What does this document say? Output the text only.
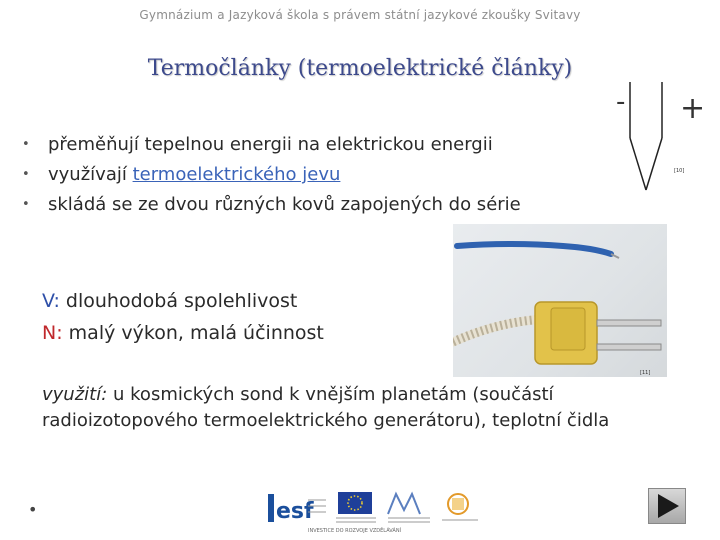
Gymnázium a Jazyková škola s právem státní jazykové zkoušky Svitavy
Termočlánky (termoelektrické články)
- +
[10]
• přeměňují tepelnou energii na elektrickou energii
• využívají termoelektrického jevu
• skládá se ze dvou různých kovů zapojených do série
[11]
V: dlouhodobá spolehlivost
N: malý výkon, malá účinnost
využití: u kosmických sond k vnějším planetám (součástí radioizotopového termoelektrického generátoru), teplotní čidla
•	esf
INVESTICE DO ROZVOJE VZDĚLÁVÁNÍ
